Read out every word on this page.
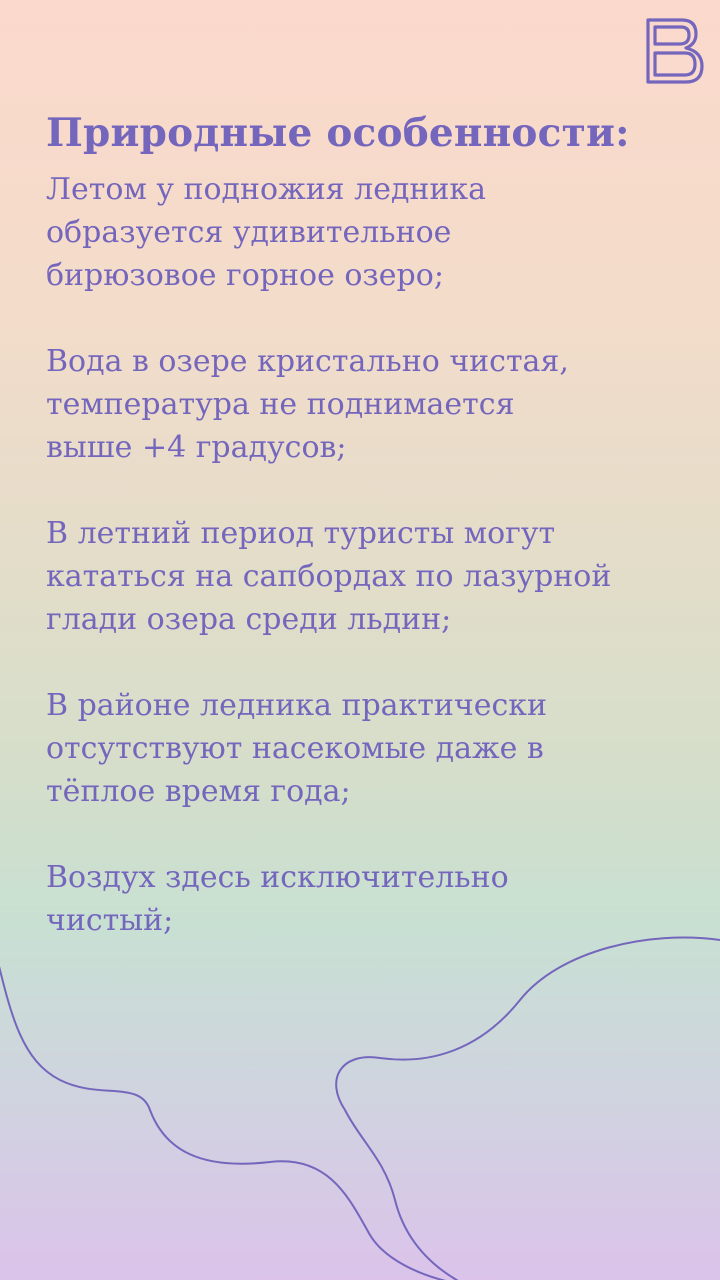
Природные особенности:

Летом у подножия ледника
образуется удивительное
бирюзовое горное озеро;

Вода в озере кристально чистая,
температура не поднимается
выше +4 градусов;

В летний период туристы могут
кататься на сапбордах по лазурной
глади озера среди льдин;

В районе ледника практически
отсутствуют насекомые даже в
тёплое время года;

Воздух здесь исключительно
чистый;
